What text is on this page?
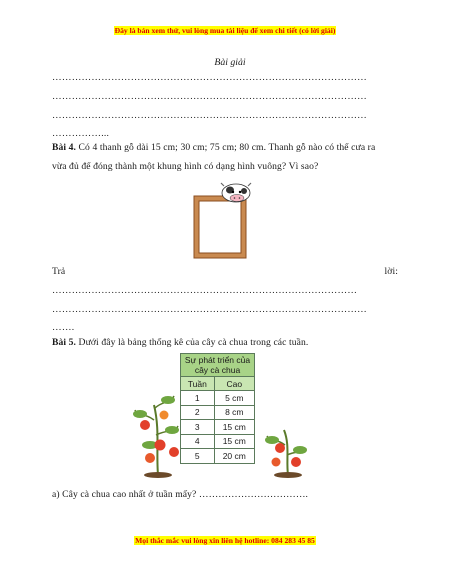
Đây là bản xem thử, vui lòng mua tài liệu để xem chi tiết (có lời giải)
Bài giải
……………………………………………………………………………………
……………………………………………………………………………………
……………………………………………………………………………………
……………...
Bài 4. Có 4 thanh gỗ dài 15 cm; 30 cm; 75 cm; 80 cm. Thanh gỗ nào có thể cưa ra
vừa đủ để đóng thành một khung hình có dạng hình vuông? Vì sao?
Trả	lời:
…………………………………………………………………………………
……………………………………………………………………………………
…….
Bài 5. Dưới đây là bảng thống kê của cây cà chua trong các tuần.
Sự phát triển của
cây cà chua	

Tuần	Cao
1	5 cm
2	8 cm
3	15 cm
4	15 cm
5	20 cm
a) Cây cà chua cao nhất ở tuần mấy? …………………………….
Mọi thắc mắc vui lòng xin liên hệ hotline: 084 283 45 85
